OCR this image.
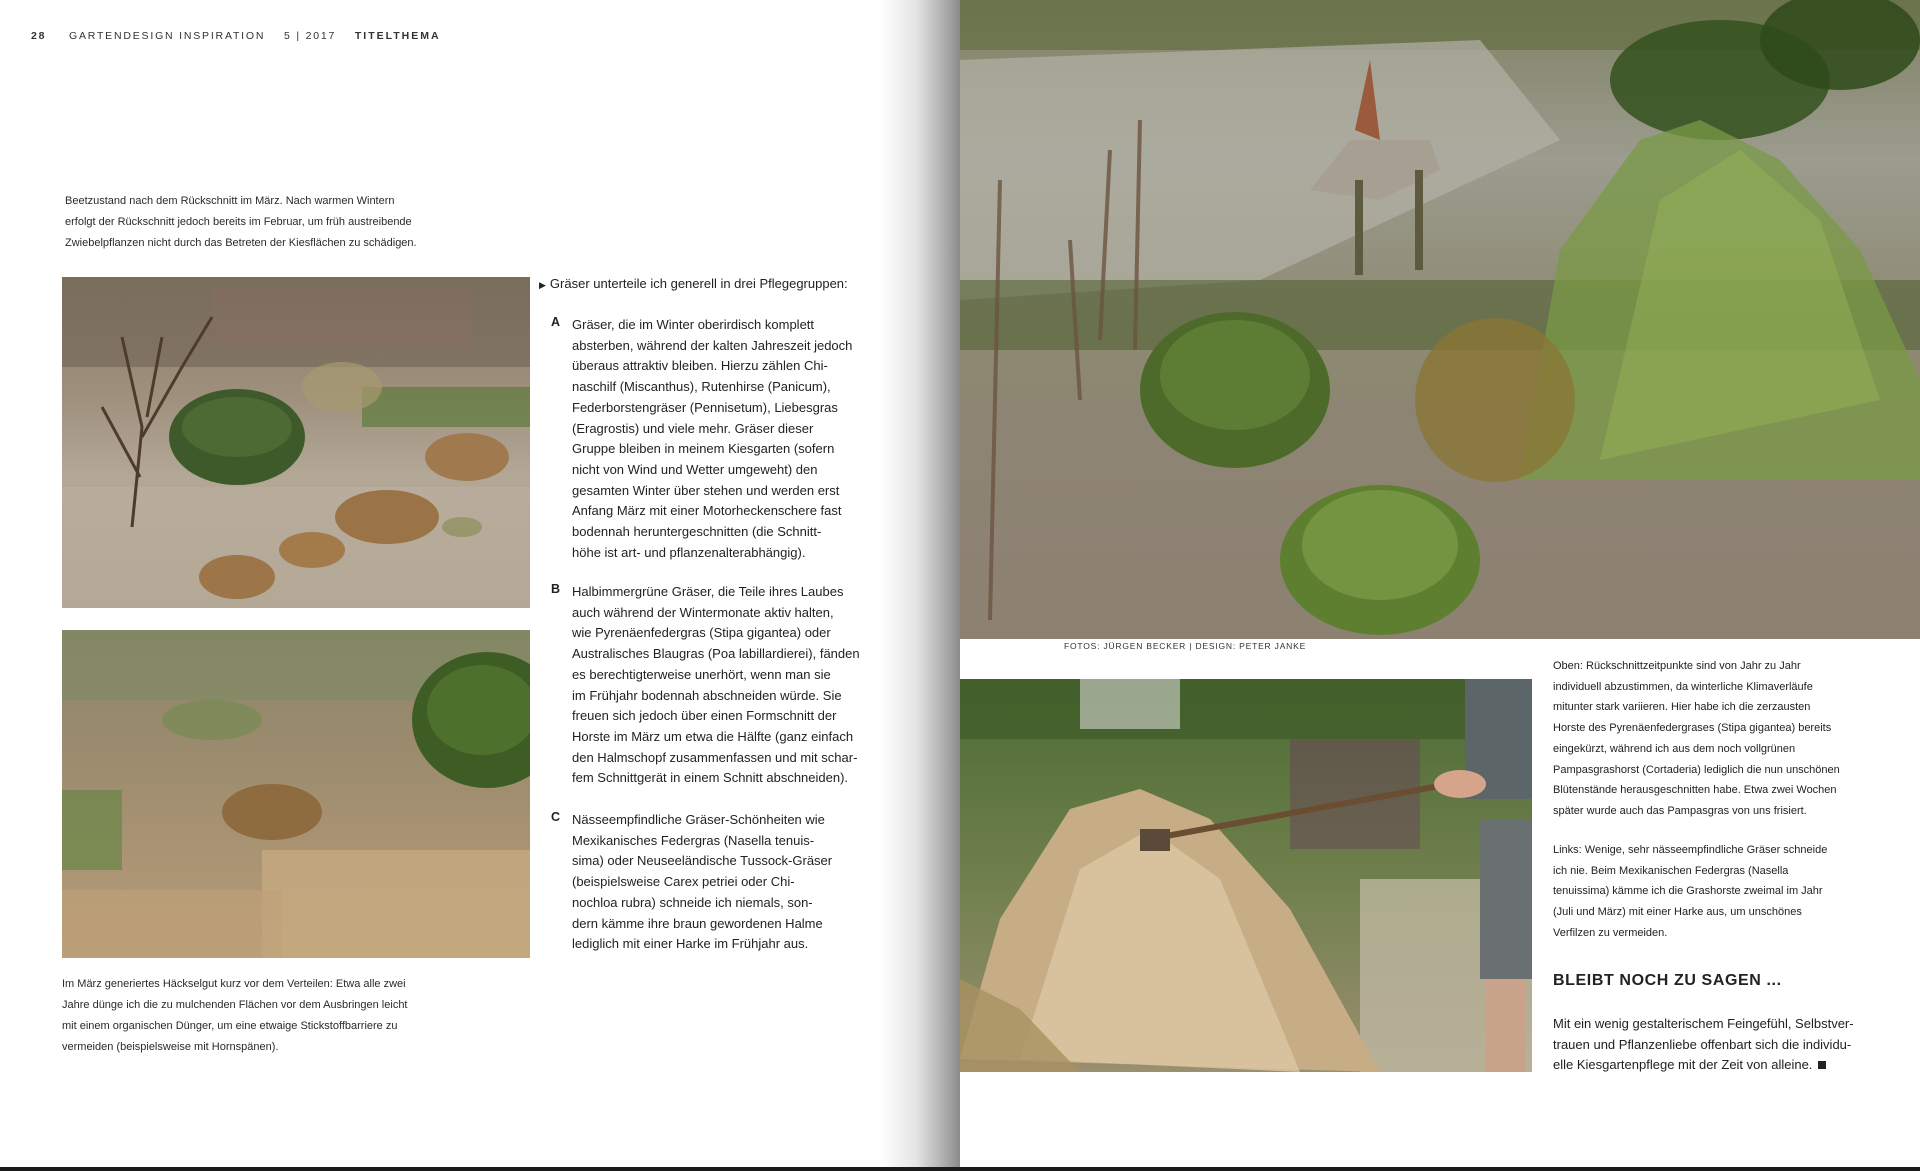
28 GARTENDESIGN INSPIRATION 5 | 2017 TITELTHEMA
Beetzustand nach dem Rückschnitt im März. Nach warmen Wintern
erfolgt der Rückschnitt jedoch bereits im Februar, um früh austreibende
Zwiebelpflanzen nicht durch das Betreten der Kiesflächen zu schädigen.
Im März generiertes Häckselgut kurz vor dem Verteilen: Etwa alle zwei
Jahre dünge ich die zu mulchenden Flächen vor dem Ausbringen leicht
mit einem organischen Dünger, um eine etwaige Stickstoffbarriere zu
vermeiden (beispielsweise mit Hornspänen).
▶ Gräser unterteile ich generell in drei Pflegegruppen:
A Gräser, die im Winter oberirdisch komplett
absterben, während der kalten Jahreszeit jedoch
überaus attraktiv bleiben. Hierzu zählen Chi-
naschilf (Miscanthus), Rutenhirse (Panicum),
Federborstengräser (Pennisetum), Liebesgras
(Eragrostis) und viele mehr. Gräser dieser
Gruppe bleiben in meinem Kiesgarten (sofern
nicht von Wind und Wetter umgeweht) den
gesamten Winter über stehen und werden erst
Anfang März mit einer Motorheckenschere fast
bodennah heruntergeschnitten (die Schnitt-
höhe ist art- und pflanzenalterabhängig).
B Halbimmergrüne Gräser, die Teile ihres Laubes
auch während der Wintermonate aktiv halten,
wie Pyrenäenfedergras (Stipa gigantea) oder
Australisches Blaugras (Poa labillardierei), fänden
es berechtigterweise unerhört, wenn man sie
im Frühjahr bodennah abschneiden würde. Sie
freuen sich jedoch über einen Formschnitt der
Horste im März um etwa die Hälfte (ganz einfach
den Halmschopf zusammenfassen und mit schar-
fem Schnittgerät in einem Schnitt abschneiden).
C Nässeempfindliche Gräser-Schönheiten wie
Mexikanisches Federgras (Nasella tenuis-
sima) oder Neuseeländische Tussock-Gräser
(beispielsweise Carex petriei oder Chi-
nochloa rubra) schneide ich niemals, son-
dern kämme ihre braun gewordenen Halme
lediglich mit einer Harke im Frühjahr aus.
FOTOS: JÜRGEN BECKER | DESIGN: PETER JANKE
Oben: Rückschnittzeitpunkte sind von Jahr zu Jahr
individuell abzustimmen, da winterliche Klimaverläufe
mitunter stark variieren. Hier habe ich die zerzausten
Horste des Pyrenäenfedergrases (Stipa gigantea) bereits
eingekürzt, während ich aus dem noch vollgrünen
Pampasgrashorst (Cortaderia) lediglich die nun unschönen
Blütenstände herausgeschnitten habe. Etwa zwei Wochen
später wurde auch das Pampasgras von uns frisiert.
Links: Wenige, sehr nässeempfindliche Gräser schneide
ich nie. Beim Mexikanischen Federgras (Nasella
tenuissima) kämme ich die Grashorste zweimal im Jahr
(Juli und März) mit einer Harke aus, um unschönes
Verfilzen zu vermeiden.
BLEIBT NOCH ZU SAGEN ...
Mit ein wenig gestalterischem Feingefühl, Selbstver-
trauen und Pflanzenliebe offenbart sich die individu-
elle Kiesgartenpflege mit der Zeit von alleine.
